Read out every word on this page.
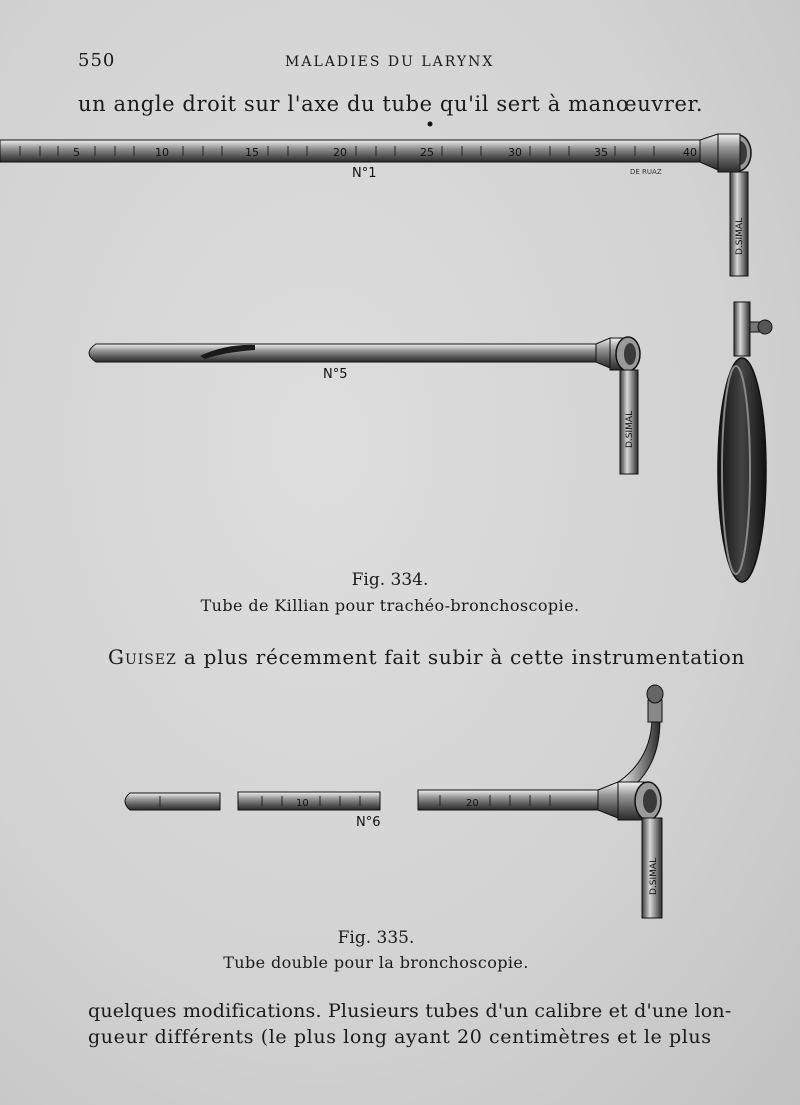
550	MALADIES DU LARYNX
un angle droit sur l'axe du tube qu'il sert à manœuvrer.
5	10	15	20	25	30	35	40
D.SIMAL
DE RUAZ
N°1
D.SIMAL
N°5
10	20
D.SIMAL
N°6
Fig. 334.
Tube de Killian pour trachéo-bronchoscopie.
Guisez a plus récemment fait subir à cette instrumentation
Fig. 335.
Tube double pour la bronchoscopie.
quelques modifications. Plusieurs tubes d'un calibre et d'une lon-
gueur différents (le plus long ayant 20 centimètres et le plus
